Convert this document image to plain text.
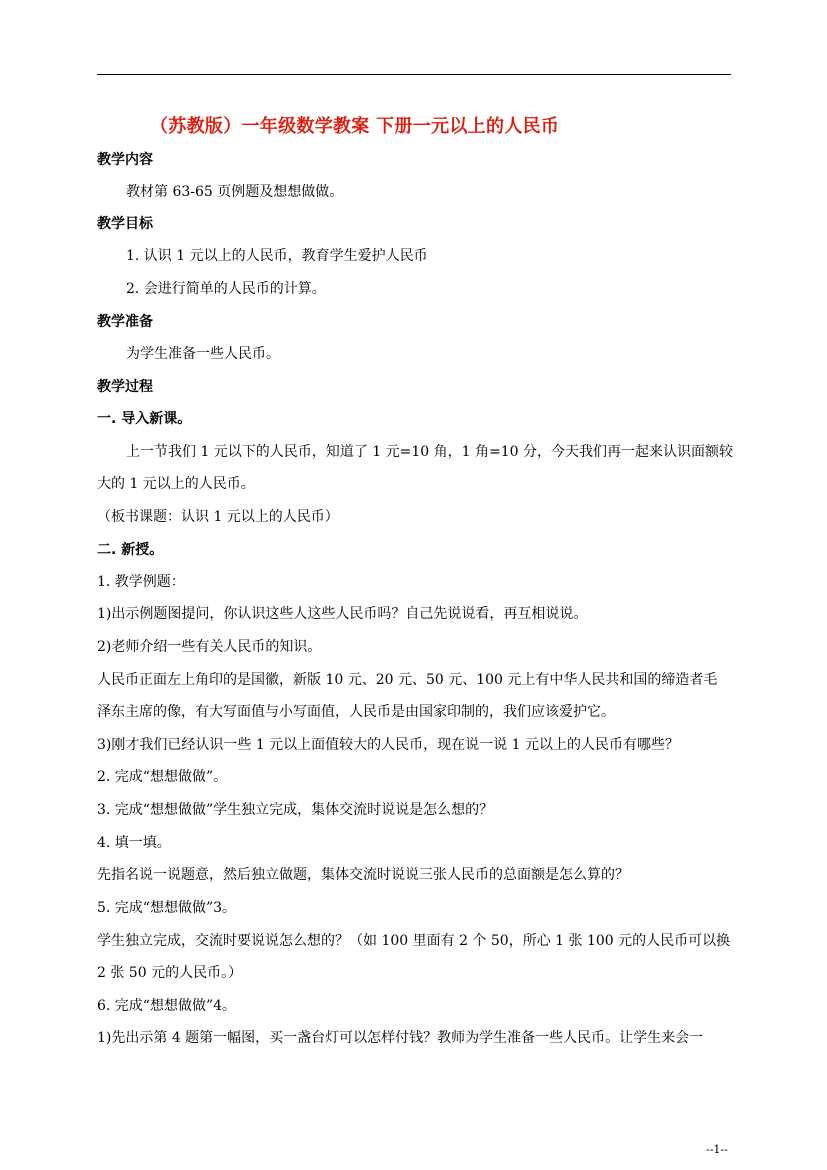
（苏教版）一年级数学教案 下册一元以上的人民币
教学内容
教材第 63-65 页例题及想想做做。
教学目标
1. 认识 1 元以上的人民币，教育学生爱护人民币
2. 会进行简单的人民币的计算。
教学准备
为学生准备一些人民币。
教学过程
一. 导入新课。
上一节我们 1 元以下的人民币，知道了 1 元=10 角，1 角=10 分，今天我们再一起来认识面额较
大的 1 元以上的人民币。
（板书课题：认识 1 元以上的人民币）
二. 新授。
1. 教学例题：
1)出示例题图提问，你认识这些人这些人民币吗？自己先说说看，再互相说说。
2)老师介绍一些有关人民币的知识。
人民币正面左上角印的是国徽，新版 10 元、20 元、50 元、100 元上有中华人民共和国的缔造者毛
泽东主席的像，有大写面值与小写面值，人民币是由国家印制的，我们应该爱护它。
3)刚才我们已经认识一些 1 元以上面值较大的人民币，现在说一说 1 元以上的人民币有哪些？
2. 完成“想想做做”。
3. 完成“想想做做”学生独立完成，集体交流时说说是怎么想的？
4. 填一填。
先指名说一说题意，然后独立做题，集体交流时说说三张人民币的总面额是怎么算的？
5. 完成“想想做做”3。
学生独立完成，交流时要说说怎么想的？（如 100 里面有 2 个 50，所心 1 张 100 元的人民币可以换
2 张 50 元的人民币。）
6. 完成“想想做做”4。
1)先出示第 4 题第一幅图，买一盏台灯可以怎样付钱？教师为学生准备一些人民币。让学生来会一
--1--
